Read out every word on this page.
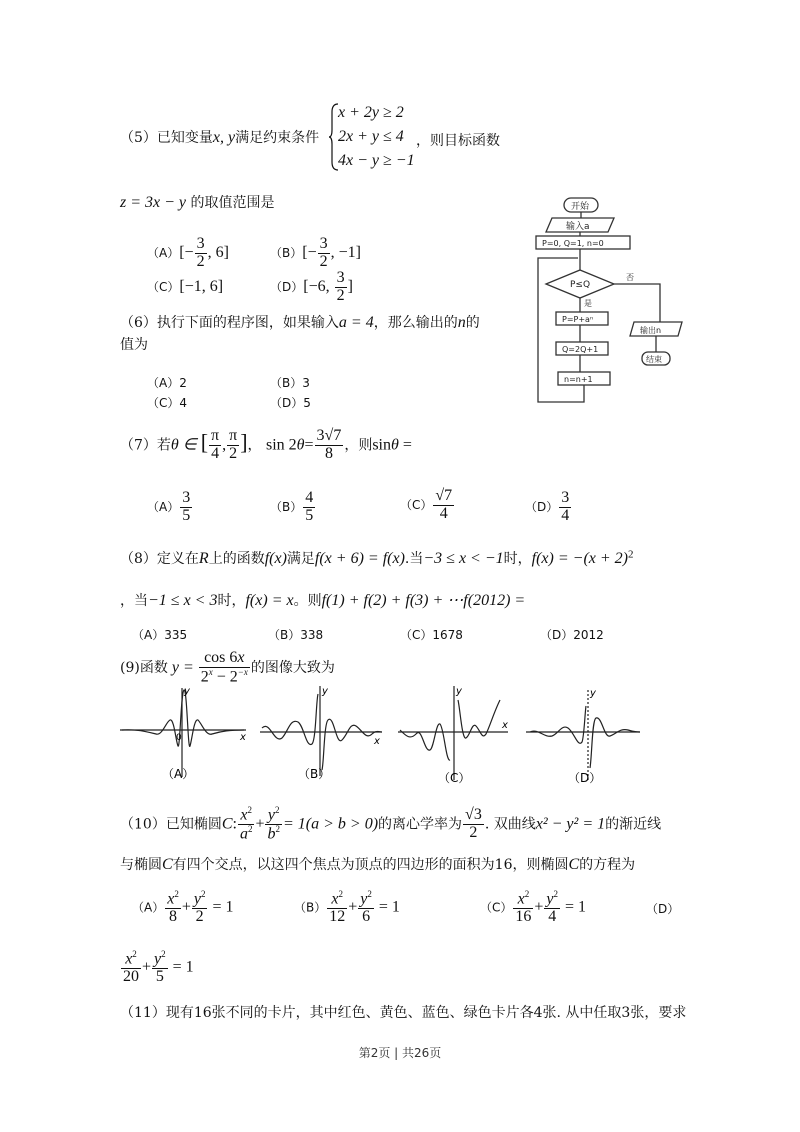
（5）已知变量x, y满足约束条件
x + 2y ≥ 2
2x + y ≤ 4
4x − y ≥ −1
，则目标函数
z = 3x − y 的取值范围是
$(A)[- \frac{3}{2}$ , 6]	$(B)[- \frac{3}{2}$ , −1]
（C）[−1, 6]	（D）[−6, $\frac{3}{2}$ ]
（6）执行下面的程序图，如果输入a = 4，那么输出的n的
值为
（A）2	（B）3
（C）4	（D）5
开始
输入a
P=0, Q=1, n=0
P≤Q
是
否
P=P+aⁿ
Q=2Q+1
n=n+1
输出n
结束
（7）若θ ∈ [ $\frac{\pi}{4}$ , $\frac{\pi}{2}$ ]， $\sin 2\theta= \frac{3√7}{8}$ ，则sinθ =
$(A) \frac{3}{5}$	$(B) \frac{4}{5}$	$(C) \frac{√7}{4}$	$(D) \frac{3}{4}$
（8）定义在R上的函数f(x)满足f(x + 6) = f(x).当−3 ≤ x < −1时，$f(x) = -(x + 2)^2$
，当−1 ≤ x < 3时，f(x) = x。则f(1) + f(2) + f(3) + ⋯f(2012) =
（A）335	（B）338	（C）1678	（D）2012
(9)函数 $y = \frac{\cos 6x}{2^x - 2^{-x}}$ 的图像大致为
y
x
0
（A）
y
x
（B）
y
x
（C）
y
（D）
（10）已知椭圆C: $\frac{x^2}{a^2} + \frac{y^2}{b^2} = 1(a > b > 0)$的离心学率为 $\frac{√3}{2}$ . 双曲线x² − y² = 1的渐近线
与椭圆C有四个交点，以这四个焦点为顶点的四边形的面积为16，则椭圆C的方程为
$(A) \frac{x^2}{8} + \frac{y^2}{2} = 1$	$(B) \frac{x^2}{12} + \frac{y^2}{6} = 1$	$(C) \frac{x^2}{16} + \frac{y^2}{4} = 1$	（D）
$\frac{x^2}{20} + \frac{y^2}{5} = 1$
（11）现有16张不同的卡片，其中红色、黄色、蓝色、绿色卡片各4张. 从中任取3张，要求
第2页 | 共26页
